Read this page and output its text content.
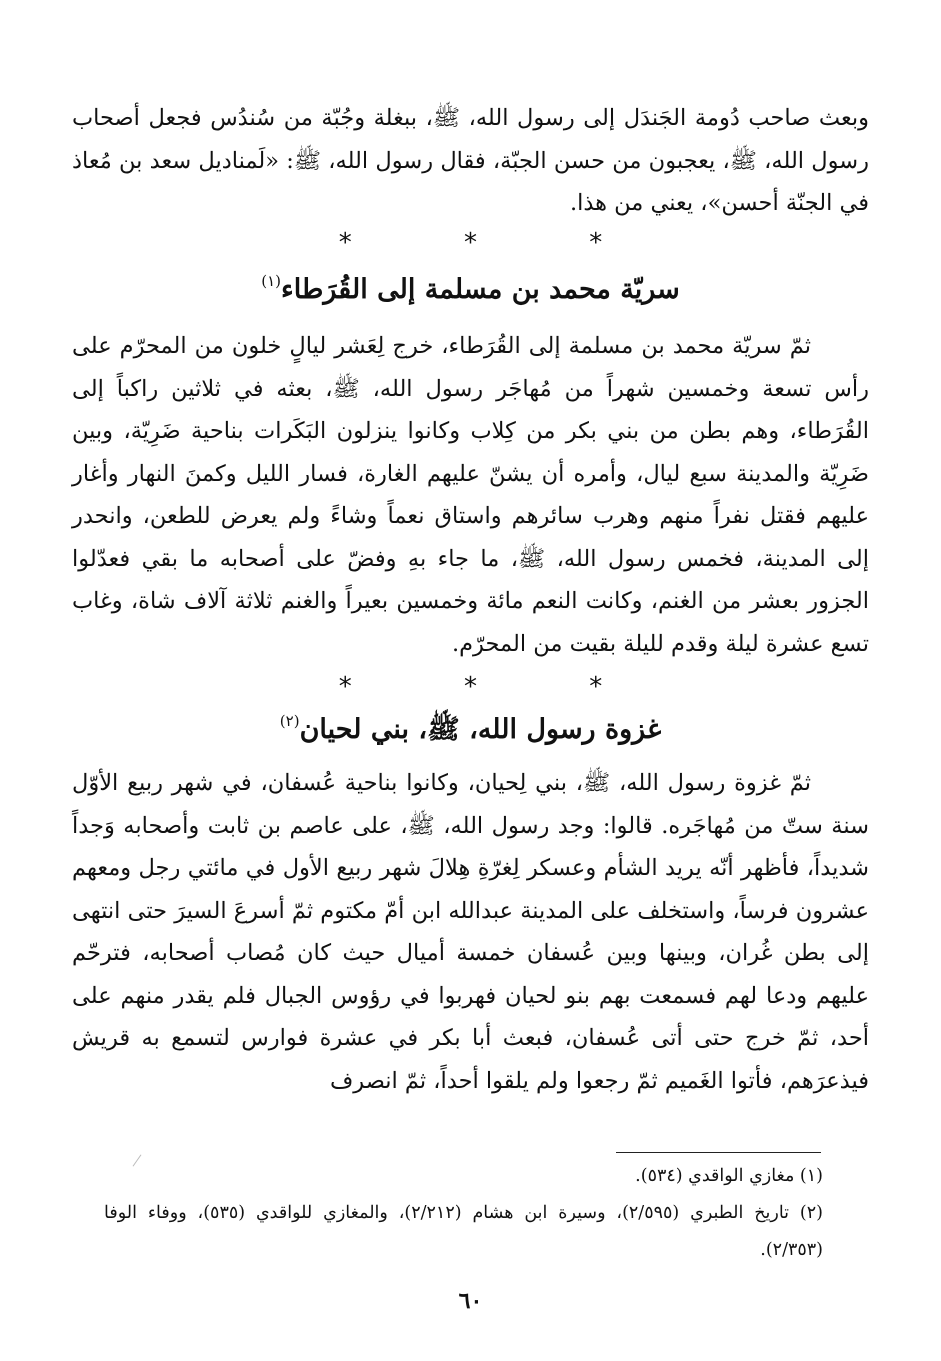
وبعث صاحب دُومة الجَندَل إلى رسول الله، ﷺ، ببغلة وجُبّة من سُندُس فجعل أصحاب رسول الله، ﷺ، يعجبون من حسن الجبّة، فقال رسول الله، ﷺ: «لَمناديل سعد بن مُعاذ في الجنّة أحسن»، يعني من هذا.

* * *
سريّة محمد بن مسلمة إلى القُرَطاء$^{(١)}$

ثمّ سريّة محمد بن مسلمة إلى القُرَطاء، خرج لِعَشر ليالٍ خلون من المحرّم على رأس تسعة وخمسين شهراً من مُهاجَر رسول الله، ﷺ، بعثه في ثلاثين راكباً إلى القُرَطاء، وهم بطن من بني بكر من كِلاب وكانوا ينزلون البَكَرات بناحية ضَرِيّة، وبين ضَرِيّة والمدينة سبع ليال، وأمره أن يشنّ عليهم الغارة، فسار الليل وكمنَ النهار وأغار عليهم فقتل نفراً منهم وهرب سائرهم واستاق نعماً وشاءً ولم يعرض للطعن، وانحدر إلى المدينة، فخمس رسول الله، ﷺ، ما جاء بهِ وفضّ على أصحابه ما بقي فعدّلوا الجزور بعشر من الغنم، وكانت النعم مائة وخمسين بعيراً والغنم ثلاثة آلاف شاة، وغاب تسع عشرة ليلة وقدم لليلة بقيت من المحرّم.

* * *
غزوة رسول الله، ﷺ، بني لحيان$^{(٢)}$

ثمّ غزوة رسول الله، ﷺ، بني لِحيان، وكانوا بناحية عُسفان، في شهر ربيع الأوّل سنة ستّ من مُهاجَره. قالوا: وجد رسول الله، ﷺ، على عاصم بن ثابت وأصحابه وَجداً شديداً، فأظهر أنّه يريد الشأم وعسكر لِغرّةِ هِلالَ شهر ربيع الأول في مائتي رجل ومعهم عشرون فرساً، واستخلف على المدينة عبدالله ابن أمّ مكتوم ثمّ أسرعَ السيرَ حتى انتهى إلى بطن غُران، وبينها وبين عُسفان خمسة أميال حيث كان مُصاب أصحابه، فترحّم عليهم ودعا لهم فسمعت بهم بنو لحيان فهربوا في رؤوس الجبال فلم يقدر منهم على أحد، ثمّ خرج حتى أتى عُسفان، فبعث أبا بكر في عشرة فوارس لتسمع به قريش فيذعرَهم، فأتوا الغَميم ثمّ رجعوا ولم يلقوا أحداً، ثمّ انصرف

(١) مغازي الواقدي (٥٣٤).

(٢) تاريخ الطبري (٢/٥٩٥)، وسيرة ابن هشام (٢/٢١٢)، والمغازي للواقدي (٥٣٥)، ووفاء الوفا (٢/٣٥٣).

٦٠
